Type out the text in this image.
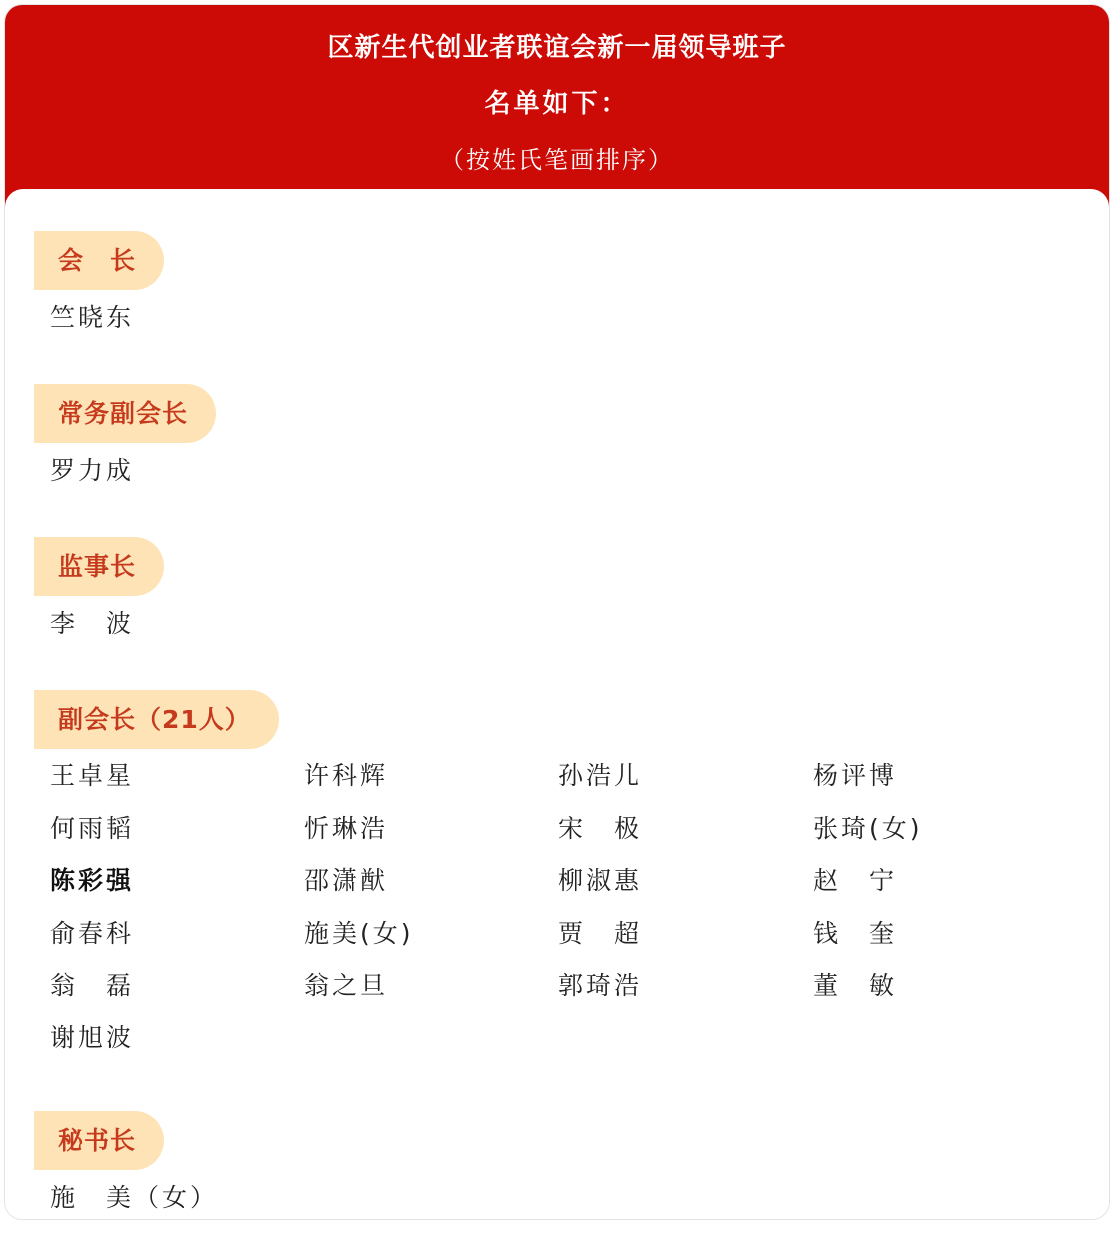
区新生代创业者联谊会新一届领导班子
名单如下：
（按姓氏笔画排序）
会　长
竺晓东
常务副会长
罗力成
监事长
李　波
副会长（21人）
王卓星	许科辉	孙浩儿	杨评博
何雨韬	忻琳浩	宋　极	张琦(女)
陈彩强	邵潇猷	柳淑惠	赵　宁
俞春科	施美(女)	贾　超	钱　奎
翁　磊	翁之旦	郭琦浩	董　敏
谢旭波
秘书长
施　美（女）
